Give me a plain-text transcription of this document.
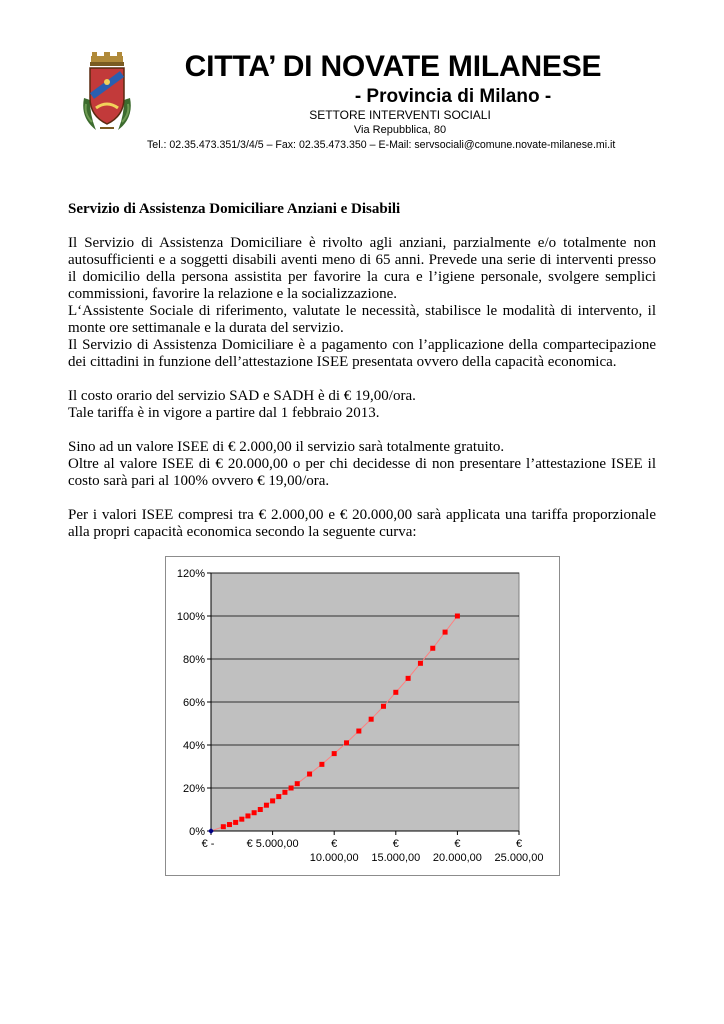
CITTA’ DI NOVATE MILANESE
- Provincia di Milano -
SETTORE INTERVENTI SOCIALI
Via Repubblica, 80
Tel.: 02.35.473.351/3/4/5 – Fax: 02.35.473.350 – E-Mail: servsociali@comune.novate-milanese.mi.it

Servizio di Assistenza Domiciliare Anziani e Disabili

Il Servizio di Assistenza Domiciliare è rivolto agli anziani, parzialmente e/o totalmente non autosufficienti e a soggetti disabili aventi meno di 65 anni. Prevede una serie di interventi presso il domicilio della persona assistita per favorire la cura e l’igiene personale, svolgere semplici commissioni, favorire la relazione e la socializzazione.

L‘Assistente Sociale di riferimento, valutate le necessità, stabilisce le modalità di intervento, il monte ore settimanale e la durata del servizio.

Il Servizio di Assistenza Domiciliare è a pagamento con l’applicazione della compartecipazione dei cittadini in funzione dell’attestazione ISEE presentata ovvero della capacità economica.

Il costo orario del servizio SAD e SADH è di € 19,00/ora.

Tale tariffa è in vigore a partire dal 1 febbraio 2013.

Sino ad un valore ISEE di € 2.000,00 il servizio sarà totalmente gratuito.

Oltre al valore ISEE di € 20.000,00 o per chi decidesse di non presentare l’attestazione ISEE il costo sarà pari al 100% ovvero € 19,00/ora.

Per i valori ISEE compresi tra € 2.000,00 e € 20.000,00 sarà applicata una tariffa proporzionale alla propri capacità economica secondo la seguente curva:

0%
20%
40%
60%
80%
100%
120%
€ -	€ 5.000,00	€
10.000,00
€
15.000,00
€
20.000,00
€
25.000,00
